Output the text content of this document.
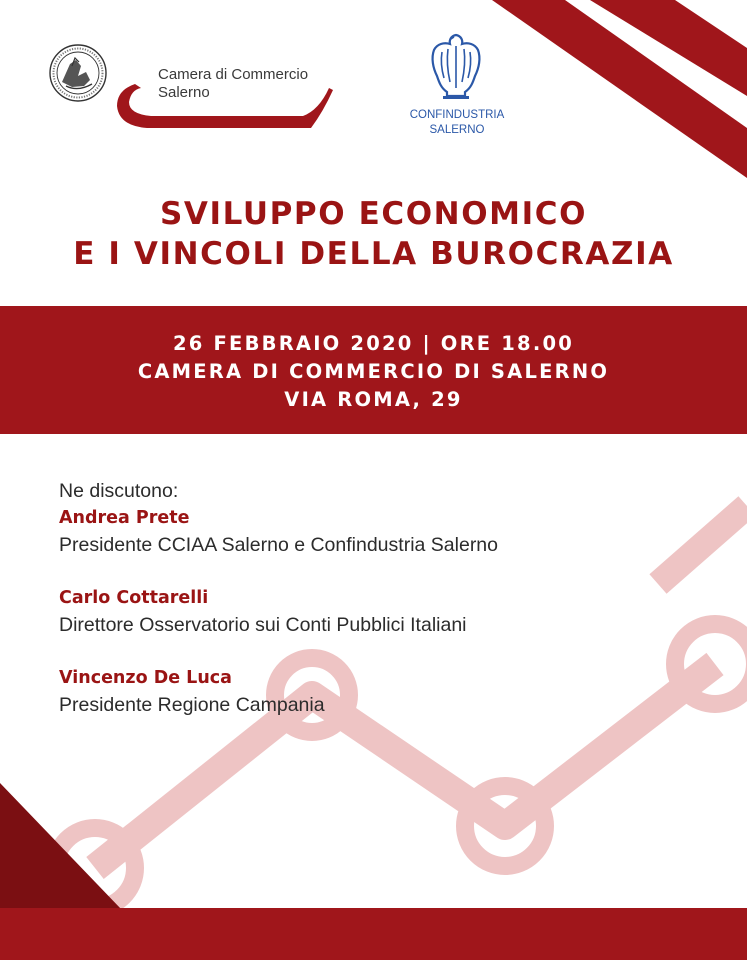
Camera di Commercio
Salerno
CONFINDUSTRIA
SALERNO
SVILUPPO ECONOMICO
E I VINCOLI DELLA BUROCRAZIA
26 FEBBRAIO 2020 | ORE 18.00
CAMERA DI COMMERCIO DI SALERNO
VIA ROMA, 29
Ne discutono:
Andrea Prete
Presidente CCIAA Salerno e Confindustria Salerno
Carlo Cottarelli
Direttore Osservatorio sui Conti Pubblici Italiani
Vincenzo De Luca
Presidente Regione Campania
